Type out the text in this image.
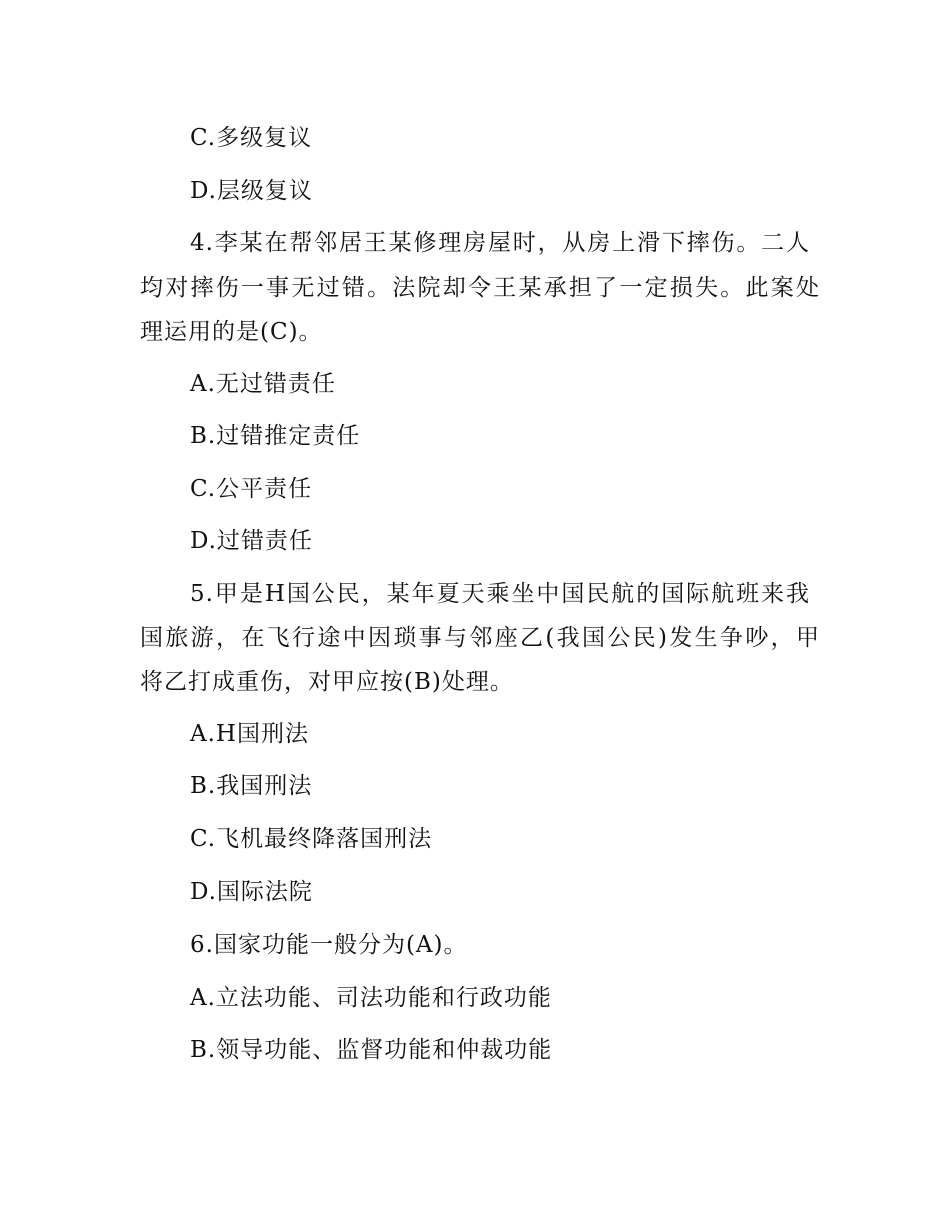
C.多级复议
D.层级复议
4.李某在帮邻居王某修理房屋时，从房上滑下摔伤。二人
均对摔伤一事无过错。法院却令王某承担了一定损失。此案处
理运用的是(C)。
A.无过错责任
B.过错推定责任
C.公平责任
D.过错责任
5.甲是H国公民，某年夏天乘坐中国民航的国际航班来我
国旅游，在飞行途中因琐事与邻座乙(我国公民)发生争吵，甲
将乙打成重伤，对甲应按(B)处理。
A.H国刑法
B.我国刑法
C.飞机最终降落国刑法
D.国际法院
6.国家功能一般分为(A)。
A.立法功能、司法功能和行政功能
B.领导功能、监督功能和仲裁功能
